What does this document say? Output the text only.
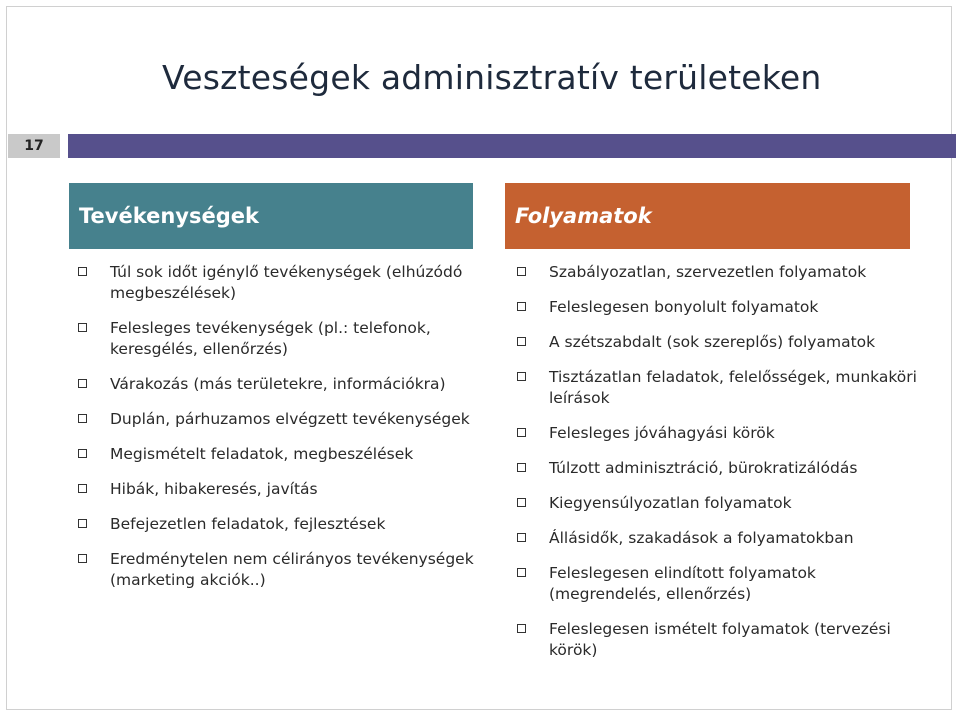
Veszteségek adminisztratív területeken
17
Tevékenységek	Folyamatok
Túl sok időt igénylő tevékenységek (elhúzódó megbeszélések)
Felesleges tevékenységek (pl.: telefonok, keresgélés, ellenőrzés)
Várakozás (más területekre, információkra)
Duplán, párhuzamos elvégzett tevékenységek
Megismételt feladatok, megbeszélések
Hibák, hibakeresés, javítás
Befejezetlen feladatok, fejlesztések
Eredménytelen nem célirányos tevékenységek (marketing akciók..)
Szabályozatlan, szervezetlen folyamatok
Feleslegesen bonyolult folyamatok
A szétszabdalt (sok szereplős) folyamatok
Tisztázatlan feladatok, felelősségek, munkaköri leírások
Felesleges jóváhagyási körök
Túlzott adminisztráció, bürokratizálódás
Kiegyensúlyozatlan folyamatok
Állásidők, szakadások a folyamatokban
Feleslegesen elindított folyamatok (megrendelés, ellenőrzés)
Feleslegesen ismételt folyamatok (tervezési körök)
